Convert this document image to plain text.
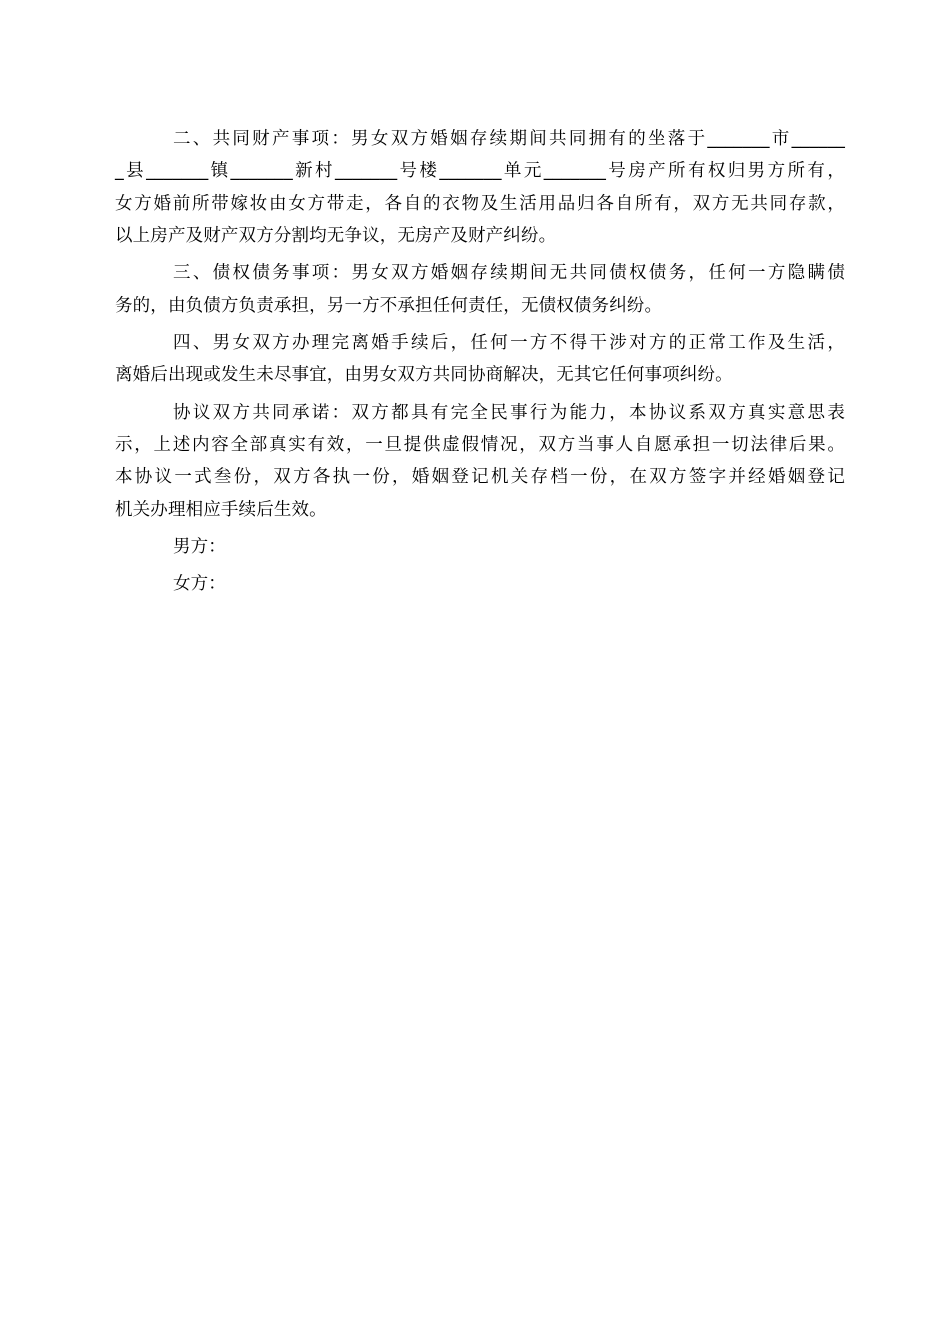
二、共同财产事项：男女双方婚姻存续期间共同拥有的坐落于_______市______
_县_______镇_______新村_______号楼_______单元_______号房产所有权归男方所有，
女方婚前所带嫁妆由女方带走，各自的衣物及生活用品归各自所有，双方无共同存款，
以上房产及财产双方分割均无争议，无房产及财产纠纷。

三、债权债务事项：男女双方婚姻存续期间无共同债权债务，任何一方隐瞒债
务的，由负债方负责承担，另一方不承担任何责任，无债权债务纠纷。

四、男女双方办理完离婚手续后，任何一方不得干涉对方的正常工作及生活，
离婚后出现或发生未尽事宜，由男女双方共同协商解决，无其它任何事项纠纷。

协议双方共同承诺：双方都具有完全民事行为能力，本协议系双方真实意思表
示，上述内容全部真实有效，一旦提供虚假情况，双方当事人自愿承担一切法律后果。
本协议一式叁份，双方各执一份，婚姻登记机关存档一份，在双方签字并经婚姻登记
机关办理相应手续后生效。

男方：

女方：
